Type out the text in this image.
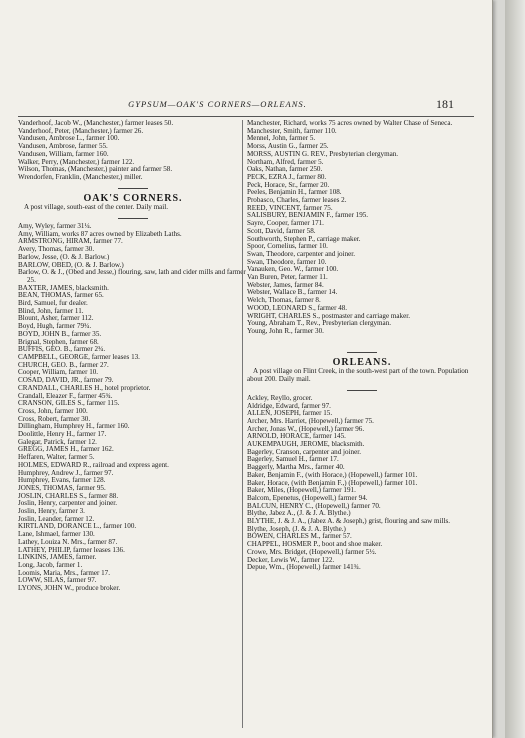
GYPSUM—OAK'S CORNERS—ORLEANS.	181
Vanderhoof, Jacob W., (Manchester,) farmer leases 50.
Vanderhoof, Peter, (Manchester,) farmer 26.
Vandusen, Ambrose L., farmer 100.
Vandusen, Ambrose, farmer 55.
Vandusen, William, farmer 160.
Walker, Perry, (Manchester,) farmer 122.
Wilson, Thomas, (Manchester,) painter and farmer 58.
Wrendorfen, Franklin, (Manchester,) miller.
OAK'S CORNERS.
A post village, south-east of the center. Daily mail.
Amy, Wyley, farmer 31¼.
Amy, William, works 87 acres owned by Elizabeth Laths.
ARMSTRONG, HIRAM, farmer 77.
Avery, Thomas, farmer 30.
Barlow, Jesse, (O. & J. Barlow.)
BARLOW, OBED, (O. & J. Barlow.)
Barlow, O. & J., (Obed and Jesse,) flouring, saw, lath and cider mills and farmer 25.
BAXTER, JAMES, blacksmith.
BEAN, THOMAS, farmer 65.
Bird, Samuel, fur dealer.
Blind, John, farmer 11.
Blount, Asher, farmer 112.
Boyd, Hugh, farmer 79¾.
BOYD, JOHN B., farmer 35.
Brignal, Stephen, farmer 68.
BUFFIS, GEO. B., farmer 2¾.
CAMPBELL, GEORGE, farmer leases 13.
CHURCH, GEO. B., farmer 27.
Cooper, William, farmer 10.
COSAD, DAVID, JR., farmer 79.
CRANDALL, CHARLES H., hotel proprietor.
Crandall, Eleazer F., farmer 45¾.
CRANSON, GILES S., farmer 115.
Cross, John, farmer 100.
Cross, Robert, farmer 30.
Dillingham, Humphrey H., farmer 160.
Doolittle, Henry H., farmer 17.
Galegar, Patrick, farmer 12.
GREGG, JAMES H., farmer 162.
Heffaren, Walter, farmer 5.
HOLMES, EDWARD R., railroad and express agent.
Humphrey, Andrew J., farmer 97.
Humphrey, Evans, farmer 128.
JONES, THOMAS, farmer 95.
JOSLIN, CHARLES S., farmer 88.
Joslin, Henry, carpenter and joiner.
Joslin, Henry, farmer 3.
Joslin, Leander, farmer 12.
KIRTLAND, DORANCE L., farmer 100.
Lane, Ishmael, farmer 130.
Lathey, Louiza N. Mrs., farmer 87.
LATHEY, PHILIP, farmer leases 136.
LINKINS, JAMES, farmer.
Long, Jacob, farmer 1.
Loomis, Maria, Mrs., farmer 17.
LOWW, SILAS, farmer 97.
LYONS, JOHN W., produce broker.
Manchester, Richard, works 75 acres owned by Walter Chase of Seneca.
Manchester, Smith, farmer 110.
Mennel, John, farmer 5.
Morss, Austin G., farmer 25.
MORSS, AUSTIN G. REV., Presbyterian clergyman.
Northam, Alfred, farmer 5.
Oaks, Nathan, farmer 250.
PECK, EZRA J., farmer 80.
Peck, Horace, Sr., farmer 20.
Peeles, Benjamin H., farmer 108.
Probasco, Charles, farmer leases 2.
REED, VINCENT, farmer 75.
SALISBURY, BENJAMIN F., farmer 195.
Sayre, Cooper, farmer 171.
Scott, David, farmer 58.
Southworth, Stephen P., carriage maker.
Spoor, Cornelius, farmer 10.
Swan, Theodore, carpenter and joiner.
Swan, Theodore, farmer 10.
Vanauken, Geo. W., farmer 100.
Van Buren, Peter, farmer 11.
Webster, James, farmer 84.
Webster, Wallace B., farmer 14.
Welch, Thomas, farmer 8.
WOOD, LEONARD S., farmer 48.
WRIGHT, CHARLES S., postmaster and carriage maker.
Young, Abraham T., Rev., Presbyterian clergyman.
Young, John R., farmer 30.
ORLEANS.
A post village on Flint Creek, in the south-west part of the town. Population about 200. Daily mail.
Ackley, Reyllo, grocer.
Aldridge, Edward, farmer 97.
ALLEN, JOSEPH, farmer 15.
Archer, Mrs. Harriet, (Hopewell,) farmer 75.
Archer, Jonas W., (Hopewell,) farmer 96.
ARNOLD, HORACE, farmer 145.
AUKEMPAUGH, JEROME, blacksmith.
Bagerley, Cranson, carpenter and joiner.
Bagerley, Samuel H., farmer 17.
Baggerly, Martha Mrs., farmer 40.
Baker, Benjamin F., (with Horace,) (Hopewell,) farmer 101.
Baker, Horace, (with Benjamin F.,) (Hopewell,) farmer 101.
Baker, Miles, (Hopewell,) farmer 191.
Balcom, Epenetus, (Hopewell,) farmer 94.
BALCUN, HENRY C., (Hopewell,) farmer 70.
Blythe, Jabez A., (J. & J. A. Blythe.)
BLYTHE, J. & J. A., (Jabez A. & Joseph,) grist, flouring and saw mills.
Blythe, Joseph, (J. & J. A. Blythe.)
BOWEN, CHARLES M., farmer 57.
CHAPPEL, HOSMER P., boot and shoe maker.
Crowe, Mrs. Bridget, (Hopewell,) farmer 5½.
Decker, Lewis W., farmer 122.
Depue, Wm., (Hopewell,) farmer 141¾.
